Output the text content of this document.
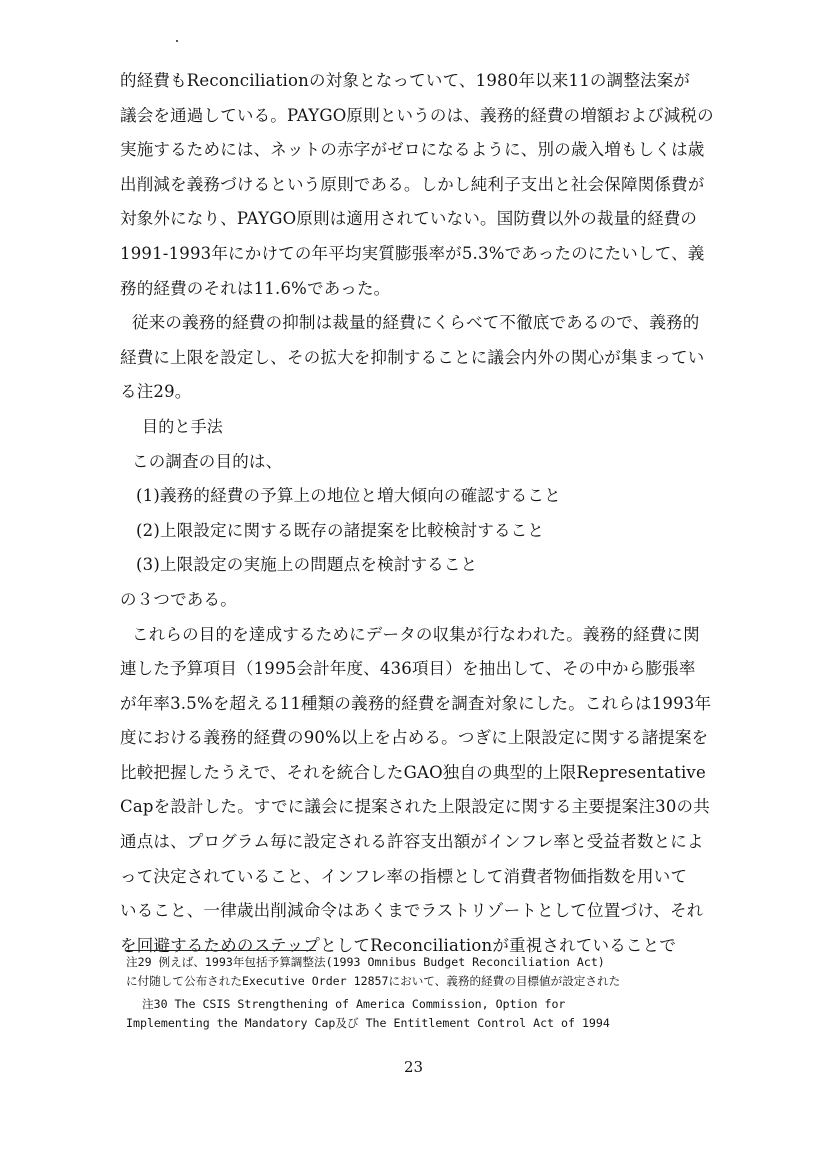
的経費もReconciliationの対象となっていて、1980年以来11の調整法案が
議会を通過している。PAYGO原則というのは、義務的経費の増額および減税の
実施するためには、ネットの赤字がゼロになるように、別の歳入増もしくは歳
出削減を義務づけるという原則である。しかし純利子支出と社会保障関係費が
対象外になり、PAYGO原則は適用されていない。国防費以外の裁量的経費の
1991-1993年にかけての年平均実質膨張率が5.3%であったのにたいして、義
務的経費のそれは11.6%であった。
従来の義務的経費の抑制は裁量的経費にくらべて不徹底であるので、義務的
経費に上限を設定し、その拡大を抑制することに議会内外の関心が集まってい
る注29。
目的と手法
この調査の目的は、
(1)義務的経費の予算上の地位と増大傾向の確認すること
(2)上限設定に関する既存の諸提案を比較検討すること
(3)上限設定の実施上の問題点を検討すること
の３つである。
これらの目的を達成するためにデータの収集が行なわれた。義務的経費に関
連した予算項目（1995会計年度、436項目）を抽出して、その中から膨張率
が年率3.5%を超える11種類の義務的経費を調査対象にした。これらは1993年
度における義務的経費の90%以上を占める。つぎに上限設定に関する諸提案を
比較把握したうえで、それを統合したGAO独自の典型的上限Representative
Capを設計した。すでに議会に提案された上限設定に関する主要提案注30の共
通点は、プログラム毎に設定される許容支出額がインフレ率と受益者数とによ
って決定されていること、インフレ率の指標として消費者物価指数を用いて
いること、一律歳出削減命令はあくまでラストリゾートとして位置づけ、それ
を回避するためのステップとしてReconciliationが重視されていることで
注29 例えば、1993年包括予算調整法(1993 Omnibus Budget Reconciliation Act)
に付随して公布されたExecutive Order 12857において、義務的経費の目標値が設定された
注30 The CSIS Strengthening of America Commission, Option for
Implementing the Mandatory Cap及び The Entitlement Control Act of 1994
23
